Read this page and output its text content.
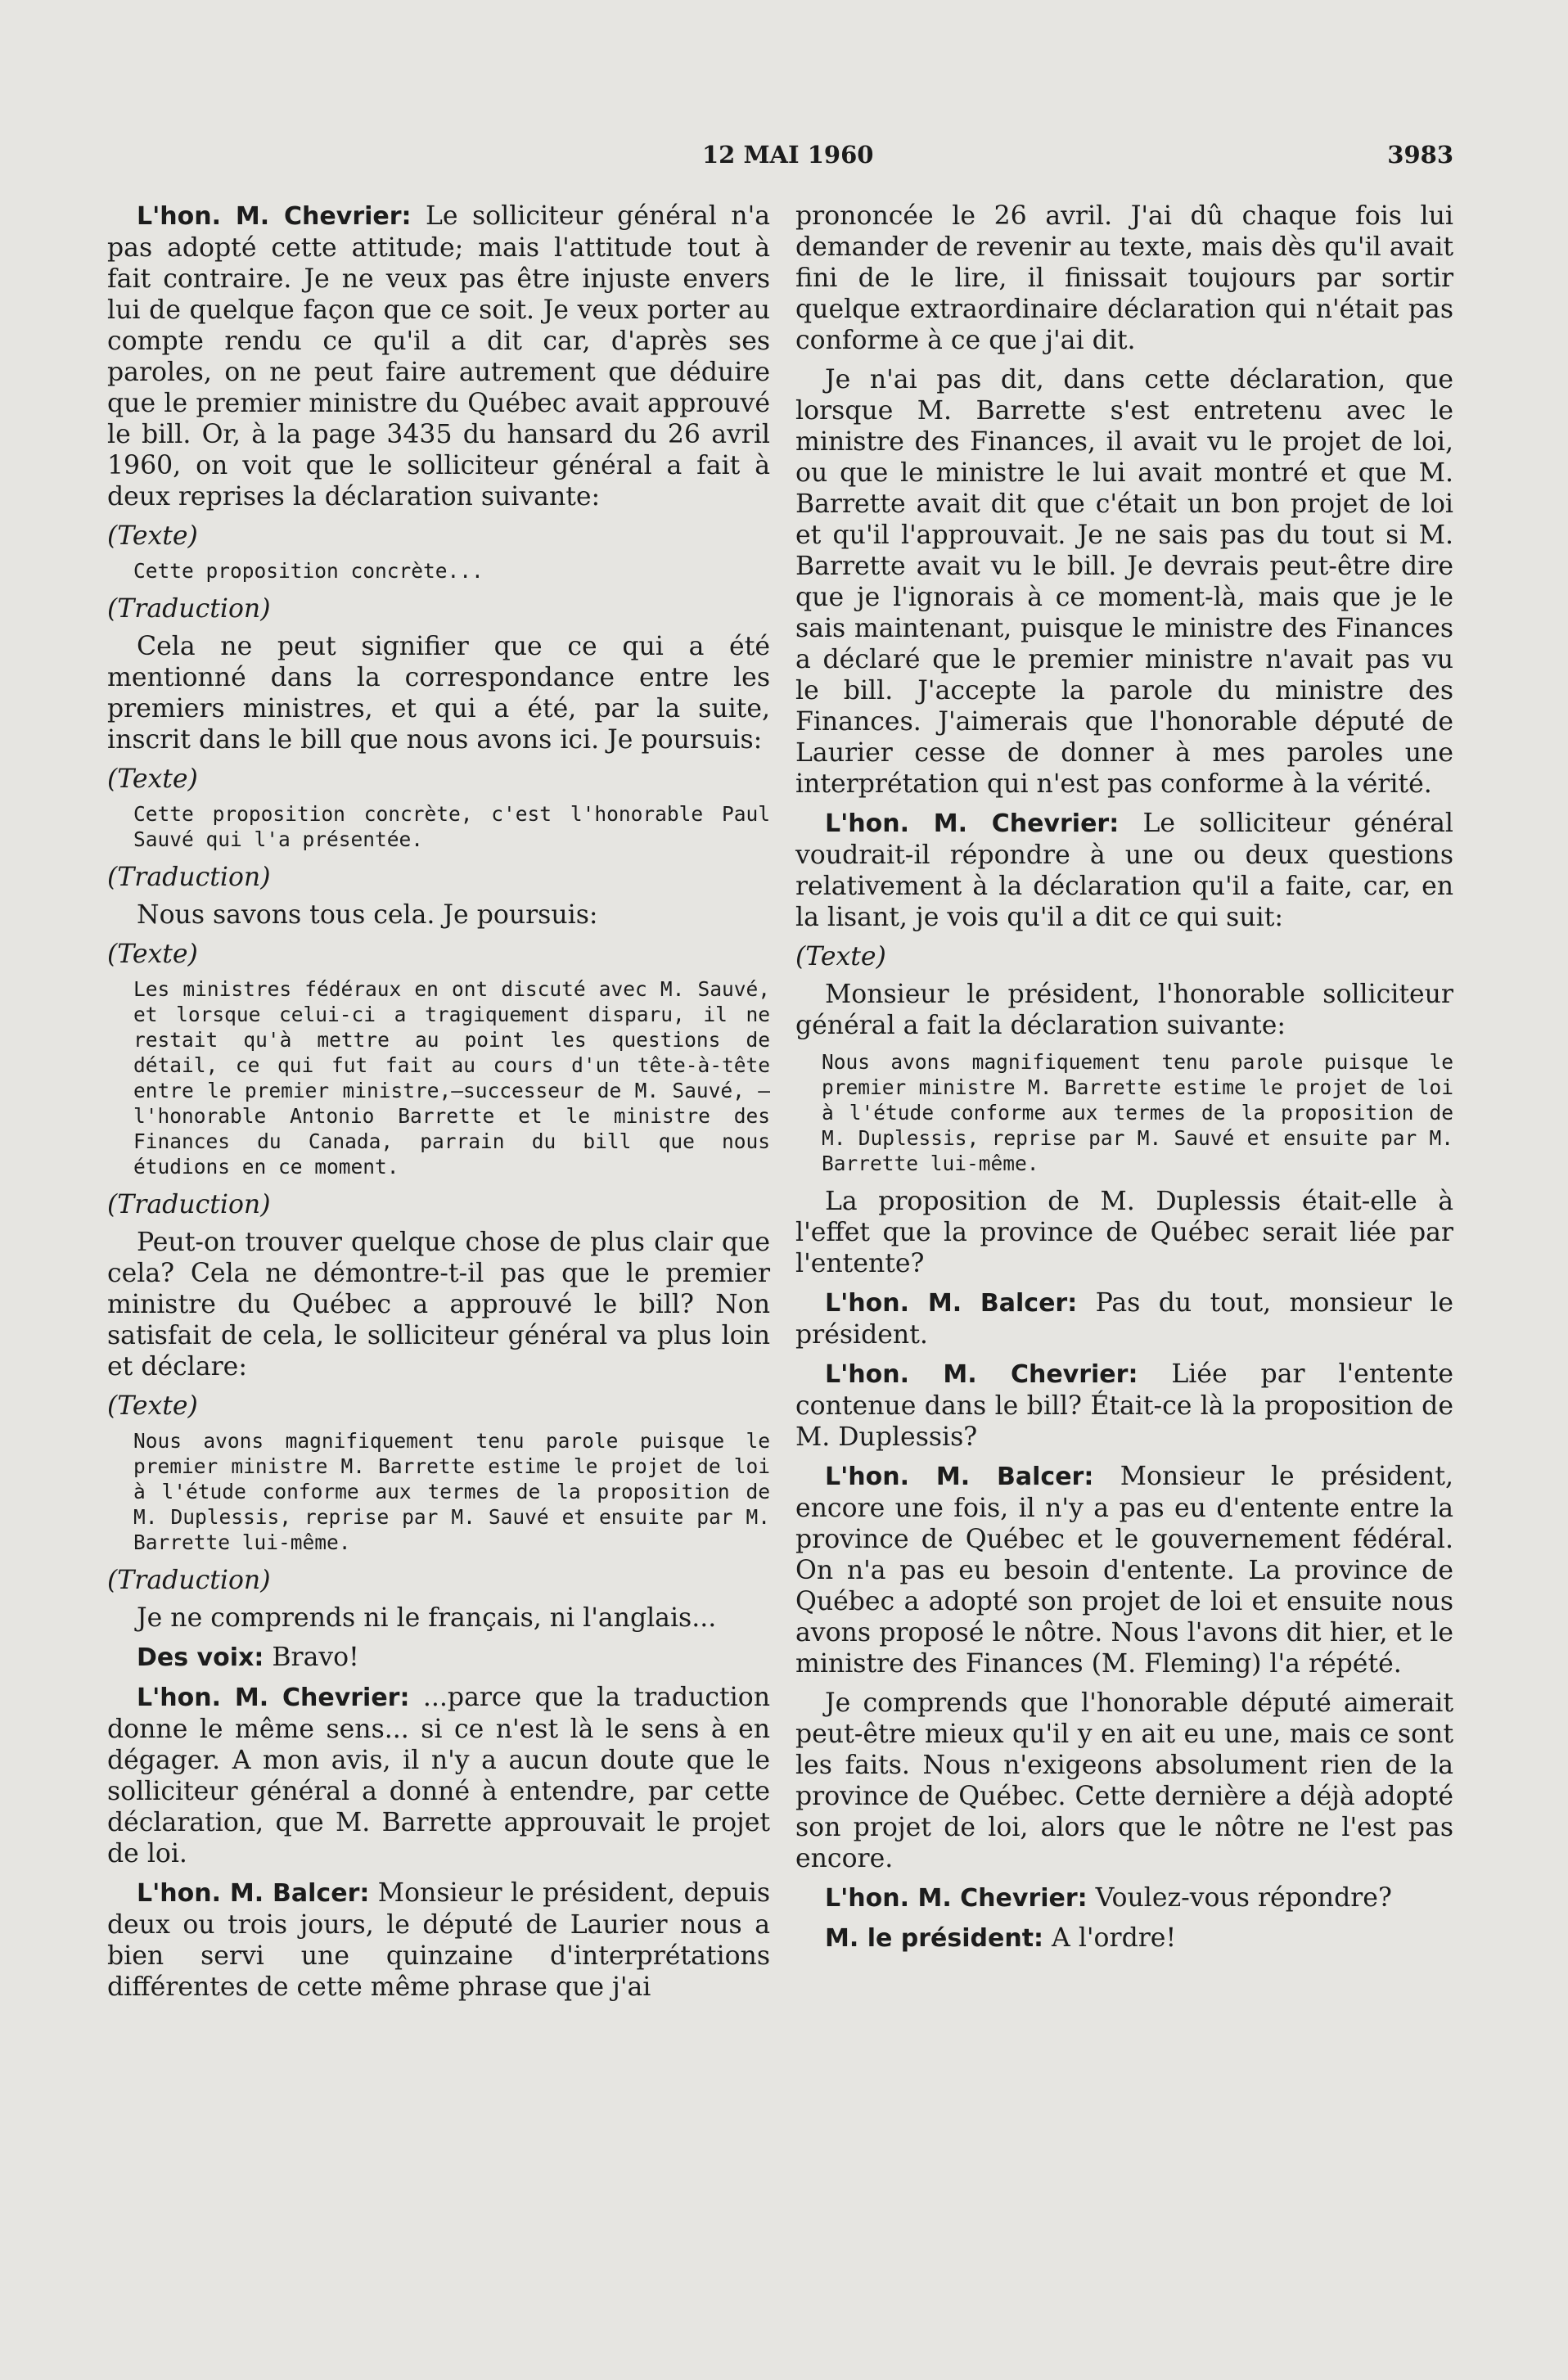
12 MAI 1960	3983

L'hon. M. Chevrier: Le solliciteur général n'a pas adopté cette attitude; mais l'attitude tout à fait contraire. Je ne veux pas être injuste envers lui de quelque façon que ce soit. Je veux porter au compte rendu ce qu'il a dit car, d'après ses paroles, on ne peut faire autrement que déduire que le premier ministre du Québec avait approuvé le bill. Or, à la page 3435 du hansard du 26 avril 1960, on voit que le solliciteur général a fait à deux reprises la déclaration suivante:

(Texte)

Cette proposition concrète...

(Traduction)

Cela ne peut signifier que ce qui a été mentionné dans la correspondance entre les premiers ministres, et qui a été, par la suite, inscrit dans le bill que nous avons ici. Je poursuis:

(Texte)

Cette proposition concrète, c'est l'honorable Paul Sauvé qui l'a présentée.

(Traduction)

Nous savons tous cela. Je poursuis:

(Texte)

Les ministres fédéraux en ont discuté avec M. Sauvé, et lorsque celui-ci a tragiquement disparu, il ne restait qu'à mettre au point les questions de détail, ce qui fut fait au cours d'un tête-à-tête entre le premier ministre,—successeur de M. Sauvé, —l'honorable Antonio Barrette et le ministre des Finances du Canada, parrain du bill que nous étudions en ce moment.

(Traduction)

Peut-on trouver quelque chose de plus clair que cela? Cela ne démontre-t-il pas que le premier ministre du Québec a approuvé le bill? Non satisfait de cela, le solliciteur général va plus loin et déclare:

(Texte)

Nous avons magnifiquement tenu parole puisque le premier ministre M. Barrette estime le projet de loi à l'étude conforme aux termes de la proposition de M. Duplessis, reprise par M. Sauvé et ensuite par M. Barrette lui-même.

(Traduction)

Je ne comprends ni le français, ni l'anglais...

Des voix: Bravo!

L'hon. M. Chevrier: ...parce que la traduction donne le même sens... si ce n'est là le sens à en dégager. A mon avis, il n'y a aucun doute que le solliciteur général a donné à entendre, par cette déclaration, que M. Barrette approuvait le projet de loi.

L'hon. M. Balcer: Monsieur le président, depuis deux ou trois jours, le député de Laurier nous a bien servi une quinzaine d'interprétations différentes de cette même phrase que j'ai

prononcée le 26 avril. J'ai dû chaque fois lui demander de revenir au texte, mais dès qu'il avait fini de le lire, il finissait toujours par sortir quelque extraordinaire déclaration qui n'était pas conforme à ce que j'ai dit.

Je n'ai pas dit, dans cette déclaration, que lorsque M. Barrette s'est entretenu avec le ministre des Finances, il avait vu le projet de loi, ou que le ministre le lui avait montré et que M. Barrette avait dit que c'était un bon projet de loi et qu'il l'approuvait. Je ne sais pas du tout si M. Barrette avait vu le bill. Je devrais peut-être dire que je l'ignorais à ce moment-là, mais que je le sais maintenant, puisque le ministre des Finances a déclaré que le premier ministre n'avait pas vu le bill. J'accepte la parole du ministre des Finances. J'aimerais que l'honorable député de Laurier cesse de donner à mes paroles une interprétation qui n'est pas conforme à la vérité.

L'hon. M. Chevrier: Le solliciteur général voudrait-il répondre à une ou deux questions relativement à la déclaration qu'il a faite, car, en la lisant, je vois qu'il a dit ce qui suit:

(Texte)

Monsieur le président, l'honorable solliciteur général a fait la déclaration suivante:

Nous avons magnifiquement tenu parole puisque le premier ministre M. Barrette estime le projet de loi à l'étude conforme aux termes de la proposition de M. Duplessis, reprise par M. Sauvé et ensuite par M. Barrette lui-même.

La proposition de M. Duplessis était-elle à l'effet que la province de Québec serait liée par l'entente?

L'hon. M. Balcer: Pas du tout, monsieur le président.

L'hon. M. Chevrier: Liée par l'entente contenue dans le bill? Était-ce là la proposition de M. Duplessis?

L'hon. M. Balcer: Monsieur le président, encore une fois, il n'y a pas eu d'entente entre la province de Québec et le gouvernement fédéral. On n'a pas eu besoin d'entente. La province de Québec a adopté son projet de loi et ensuite nous avons proposé le nôtre. Nous l'avons dit hier, et le ministre des Finances (M. Fleming) l'a répété.

Je comprends que l'honorable député aimerait peut-être mieux qu'il y en ait eu une, mais ce sont les faits. Nous n'exigeons absolument rien de la province de Québec. Cette dernière a déjà adopté son projet de loi, alors que le nôtre ne l'est pas encore.

L'hon. M. Chevrier: Voulez-vous répondre?

M. le président: A l'ordre!
